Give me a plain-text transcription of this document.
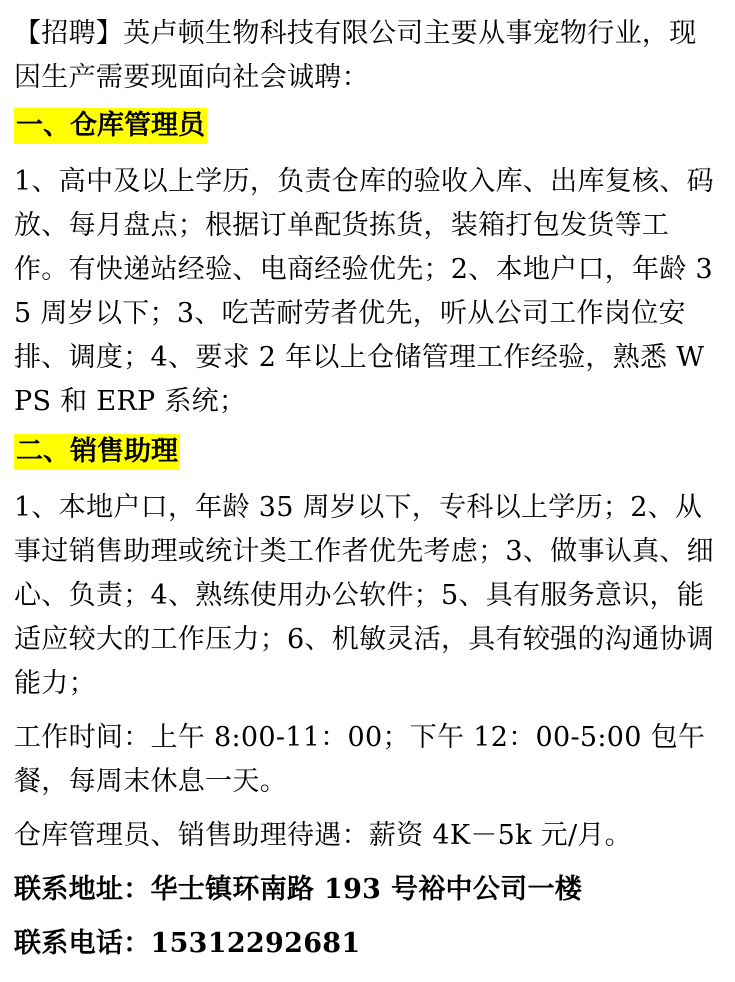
【招聘】英卢顿生物科技有限公司主要从事宠物行业，现因生产需要现面向社会诚聘：

一、仓库管理员

1、高中及以上学历，负责仓库的验收入库、出库复核、码放、每月盘点；根据订单配货拣货，装箱打包发货等工作。有快递站经验、电商经验优先；2、本地户口，年龄 35 周岁以下；3、吃苦耐劳者优先，听从公司工作岗位安排、调度；4、要求 2 年以上仓储管理工作经验，熟悉 WPS 和 ERP 系统；

二、销售助理

1、本地户口，年龄 35 周岁以下，专科以上学历；2、从事过销售助理或统计类工作者优先考虑；3、做事认真、细心、负责；4、熟练使用办公软件；5、具有服务意识，能适应较大的工作压力；6、机敏灵活，具有较强的沟通协调能力；

工作时间：上午 8:00-11：00；下午 12：00-5:00 包午餐，每周末休息一天。

仓库管理员、销售助理待遇：薪资 4K－5k 元/月。

联系地址：华士镇环南路 193 号裕中公司一楼

联系电话：15312292681
